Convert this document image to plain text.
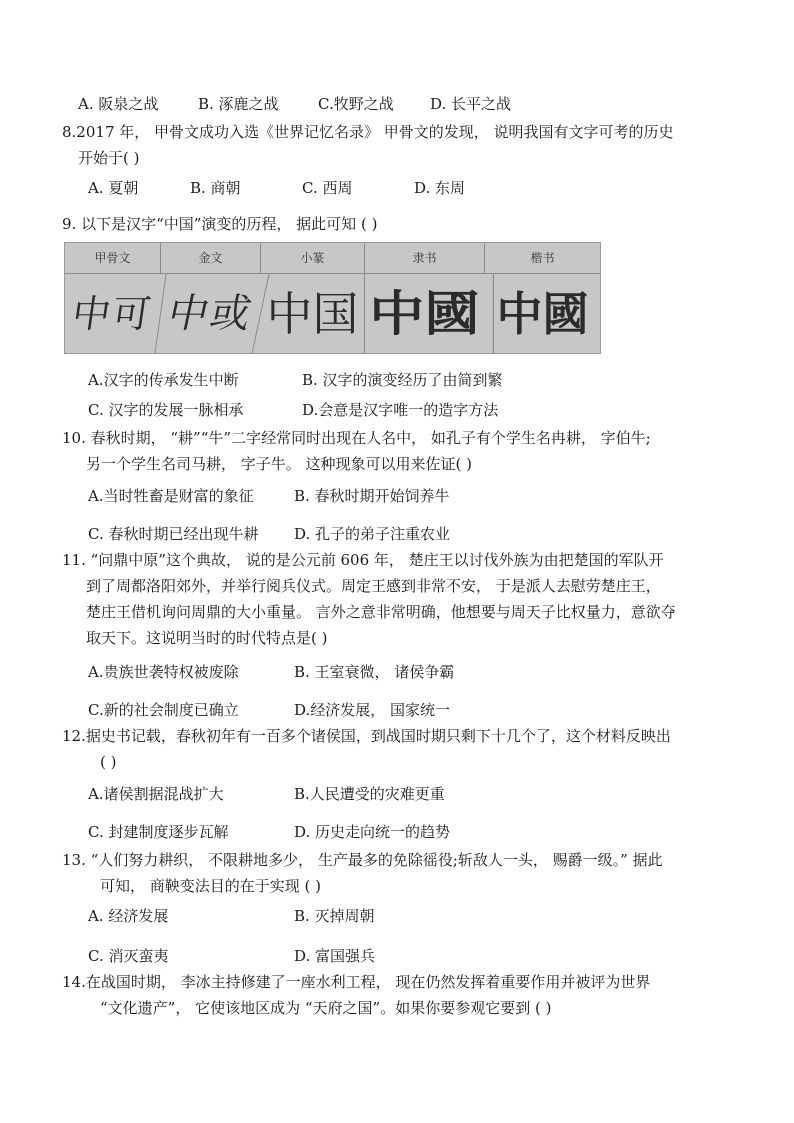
A. 阪泉之战	B. 涿鹿之战	C.牧野之战 D. 长平之战
8.2017 年， 甲骨文成功入选《世界记忆名录》 甲骨文的发现， 说明我国有文字可考的历史
开始于( )
A. 夏朝	B. 商朝	C. 西周	D. 东周
9. 以下是汉字“中国”演变的历程， 据此可知 ( )
甲骨文	金文	小篆	隶书	楷书
中可 中或 中国 中國 中國
A.汉字的传承发生中断	B. 汉字的演变经历了由简到繁
C. 汉字的发展一脉相承	D.会意是汉字唯一的造字方法
10. 春秋时期， “耕”“牛”二字经常同时出现在人名中， 如孔子有个学生名冉耕， 字伯牛;
另一个学生名司马耕， 字子牛。 这种现象可以用来佐证( )
A.当时牲畜是财富的象征	B. 春秋时期开始饲养牛
C. 春秋时期已经出现牛耕 D. 孔子的弟子注重农业
11. “问鼎中原”这个典故， 说的是公元前 606 年， 楚庄王以讨伐外族为由把楚国的军队开
到了周都洛阳郊外，并举行阅兵仪式。周定王感到非常不安， 于是派人去慰劳楚庄王，
楚庄王借机询问周鼎的大小重量。 言外之意非常明确，他想要与周天子比权量力，意欲夺
取天下。这说明当时的时代特点是( )
A.贵族世袭特权被废除	B. 王室衰微， 诸侯争霸
C.新的社会制度已确立	D.经济发展， 国家统一
12.据史书记载，春秋初年有一百多个诸侯国，到战国时期只剩下十几个了，这个材料反映出
( )
A.诸侯割据混战扩大	B.人民遭受的灾难更重
C. 封建制度逐步瓦解	D. 历史走向统一的趋势
13. “人们努力耕织， 不限耕地多少， 生产最多的免除徭役;斩敌人一头， 赐爵一级。” 据此
可知， 商鞅变法目的在于实现 ( )
A. 经济发展	B. 灭掉周朝
C. 消灭蛮夷	D. 富国强兵
14.在战国时期， 李冰主持修建了一座水利工程， 现在仍然发挥着重要作用并被评为世界
“文化遗产”， 它使该地区成为 “天府之国”。如果你要参观它要到 ( )
